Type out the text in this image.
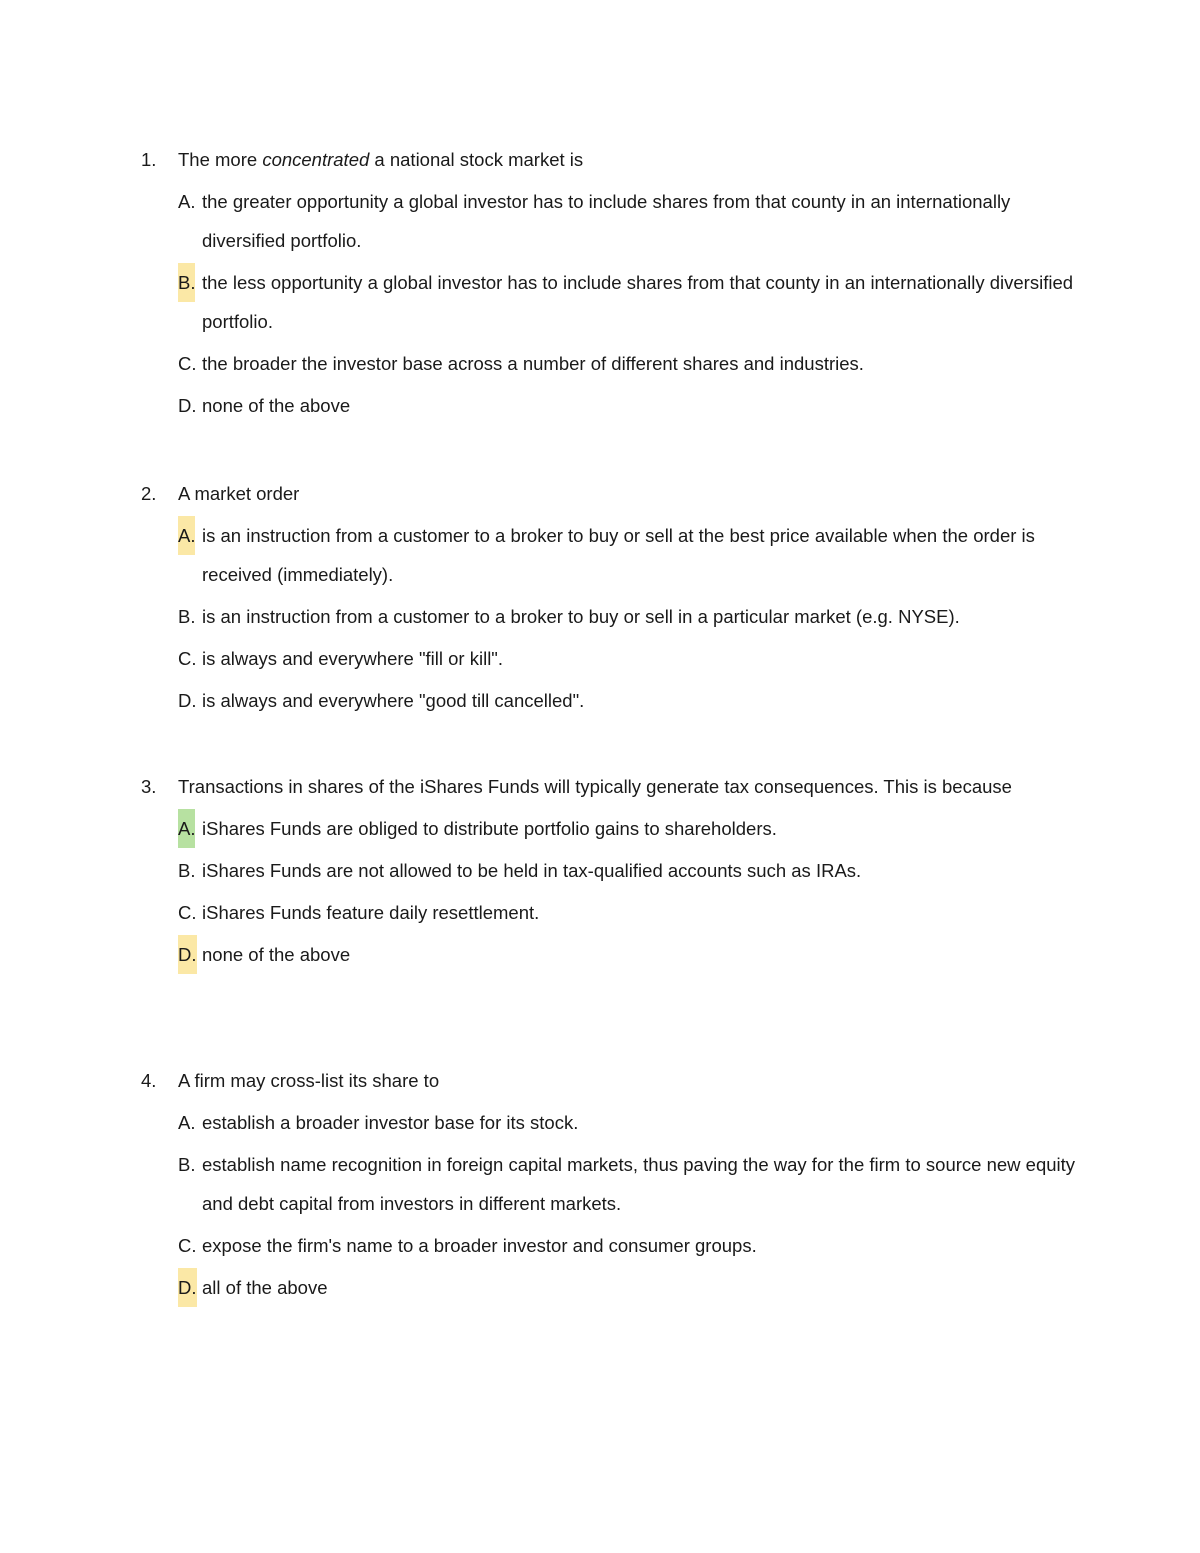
1. The more concentrated a national stock market is
A. the greater opportunity a global investor has to include shares from that county in an internationally diversified portfolio.
B. the less opportunity a global investor has to include shares from that county in an internationally diversified portfolio.
C. the broader the investor base across a number of different shares and industries.
D. none of the above
2. A market order
A. is an instruction from a customer to a broker to buy or sell at the best price available when the order is received (immediately).
B. is an instruction from a customer to a broker to buy or sell in a particular market (e.g. NYSE).
C. is always and everywhere "fill or kill".
D. is always and everywhere "good till cancelled".
3. Transactions in shares of the iShares Funds will typically generate tax consequences. This is because
A. iShares Funds are obliged to distribute portfolio gains to shareholders.
B. iShares Funds are not allowed to be held in tax-qualified accounts such as IRAs.
C. iShares Funds feature daily resettlement.
D. none of the above
4. A firm may cross-list its share to
A. establish a broader investor base for its stock.
B. establish name recognition in foreign capital markets, thus paving the way for the firm to source new equity and debt capital from investors in different markets.
C. expose the firm's name to a broader investor and consumer groups.
D. all of the above
